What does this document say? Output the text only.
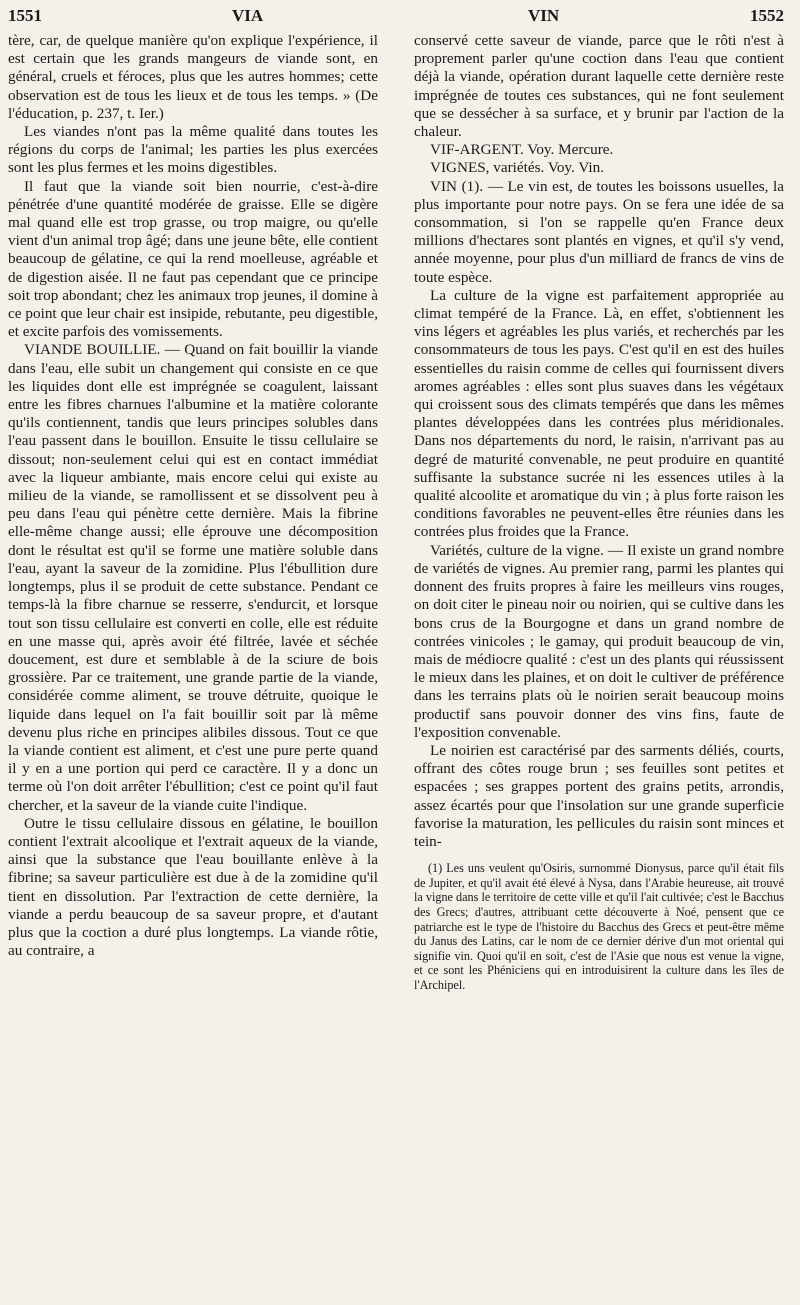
1551	VIA	VIN	1552

tère, car, de quelque manière qu'on explique l'expérience, il est certain que les grands mangeurs de viande sont, en général, cruels et féroces, plus que les autres hommes; cette observation est de tous les lieux et de tous les temps. » (De l'éducation, p. 237, t. Ier.)

Les viandes n'ont pas la même qualité dans toutes les régions du corps de l'animal; les parties les plus exercées sont les plus fermes et les moins digestibles.

Il faut que la viande soit bien nourrie, c'est-à-dire pénétrée d'une quantité modérée de graisse. Elle se digère mal quand elle est trop grasse, ou trop maigre, ou qu'elle vient d'un animal trop âgé; dans une jeune bête, elle contient beaucoup de gélatine, ce qui la rend moelleuse, agréable et de digestion aisée. Il ne faut pas cependant que ce principe soit trop abondant; chez les animaux trop jeunes, il domine à ce point que leur chair est insipide, rebutante, peu digestible, et excite parfois des vomissements.

VIANDE BOUILLIE. — Quand on fait bouillir la viande dans l'eau, elle subit un changement qui consiste en ce que les liquides dont elle est imprégnée se coagulent, laissant entre les fibres charnues l'albumine et la matière colorante qu'ils contiennent, tandis que leurs principes solubles dans l'eau passent dans le bouillon. Ensuite le tissu cellulaire se dissout; non-seulement celui qui est en contact immédiat avec la liqueur ambiante, mais encore celui qui existe au milieu de la viande, se ramollissent et se dissolvent peu à peu dans l'eau qui pénètre cette dernière. Mais la fibrine elle-même change aussi; elle éprouve une décomposition dont le résultat est qu'il se forme une matière soluble dans l'eau, ayant la saveur de la zomidine. Plus l'ébullition dure longtemps, plus il se produit de cette substance. Pendant ce temps-là la fibre charnue se resserre, s'endurcit, et lorsque tout son tissu cellulaire est converti en colle, elle est réduite en une masse qui, après avoir été filtrée, lavée et séchée doucement, est dure et semblable à de la sciure de bois grossière. Par ce traitement, une grande partie de la viande, considérée comme aliment, se trouve détruite, quoique le liquide dans lequel on l'a fait bouillir soit par là même devenu plus riche en principes alibiles dissous. Tout ce que la viande contient est aliment, et c'est une pure perte quand il y en a une portion qui perd ce caractère. Il y a donc un terme où l'on doit arrêter l'ébullition; c'est ce point qu'il faut chercher, et la saveur de la viande cuite l'indique.

Outre le tissu cellulaire dissous en gélatine, le bouillon contient l'extrait alcoolique et l'extrait aqueux de la viande, ainsi que la substance que l'eau bouillante enlève à la fibrine; sa saveur particulière est due à de la zomidine qu'il tient en dissolution. Par l'extraction de cette dernière, la viande a perdu beaucoup de sa saveur propre, et d'autant plus que la coction a duré plus longtemps. La viande rôtie, au contraire, a

conservé cette saveur de viande, parce que le rôti n'est à proprement parler qu'une coction dans l'eau que contient déjà la viande, opération durant laquelle cette dernière reste imprégnée de toutes ces substances, qui ne font seulement que se dessécher à sa surface, et y brunir par l'action de la chaleur.

VIF-ARGENT. Voy. Mercure.

VIGNES, variétés. Voy. Vin.

VIN (1). — Le vin est, de toutes les boissons usuelles, la plus importante pour notre pays. On se fera une idée de sa consommation, si l'on se rappelle qu'en France deux millions d'hectares sont plantés en vignes, et qu'il s'y vend, année moyenne, pour plus d'un milliard de francs de vins de toute espèce.

La culture de la vigne est parfaitement appropriée au climat tempéré de la France. Là, en effet, s'obtiennent les vins légers et agréables les plus variés, et recherchés par les consommateurs de tous les pays. C'est qu'il en est des huiles essentielles du raisin comme de celles qui fournissent divers aromes agréables : elles sont plus suaves dans les végétaux qui croissent sous des climats tempérés que dans les mêmes plantes développées dans les contrées plus méridionales. Dans nos départements du nord, le raisin, n'arrivant pas au degré de maturité convenable, ne peut produire en quantité suffisante la substance sucrée ni les essences utiles à la qualité alcoolite et aromatique du vin ; à plus forte raison les conditions favorables ne peuvent-elles être réunies dans les contrées plus froides que la France.

Variétés, culture de la vigne. — Il existe un grand nombre de variétés de vignes. Au premier rang, parmi les plantes qui donnent des fruits propres à faire les meilleurs vins rouges, on doit citer le pineau noir ou noirien, qui se cultive dans les bons crus de la Bourgogne et dans un grand nombre de contrées vinicoles ; le gamay, qui produit beaucoup de vin, mais de médiocre qualité : c'est un des plants qui réussissent le mieux dans les plaines, et on doit le cultiver de préférence dans les terrains plats où le noirien serait beaucoup moins productif sans pouvoir donner des vins fins, faute de l'exposition convenable.

Le noirien est caractérisé par des sarments déliés, courts, offrant des côtes rouge brun ; ses feuilles sont petites et espacées ; ses grappes portent des grains petits, arrondis, assez écartés pour que l'insolation sur une grande superficie favorise la maturation, les pellicules du raisin sont minces et tein-

(1) Les uns veulent qu'Osiris, surnommé Dionysus, parce qu'il était fils de Jupiter, et qu'il avait été élevé à Nysa, dans l'Arabie heureuse, ait trouvé la vigne dans le territoire de cette ville et qu'il l'ait cultivée; c'est le Bacchus des Grecs; d'autres, attribuant cette découverte à Noé, pensent que ce patriarche est le type de l'histoire du Bacchus des Grecs et peut-être même du Janus des Latins, car le nom de ce dernier dérive d'un mot oriental qui signifie vin. Quoi qu'il en soit, c'est de l'Asie que nous est venue la vigne, et ce sont les Phéniciens qui en introduisirent la culture dans les îles de l'Archipel.
